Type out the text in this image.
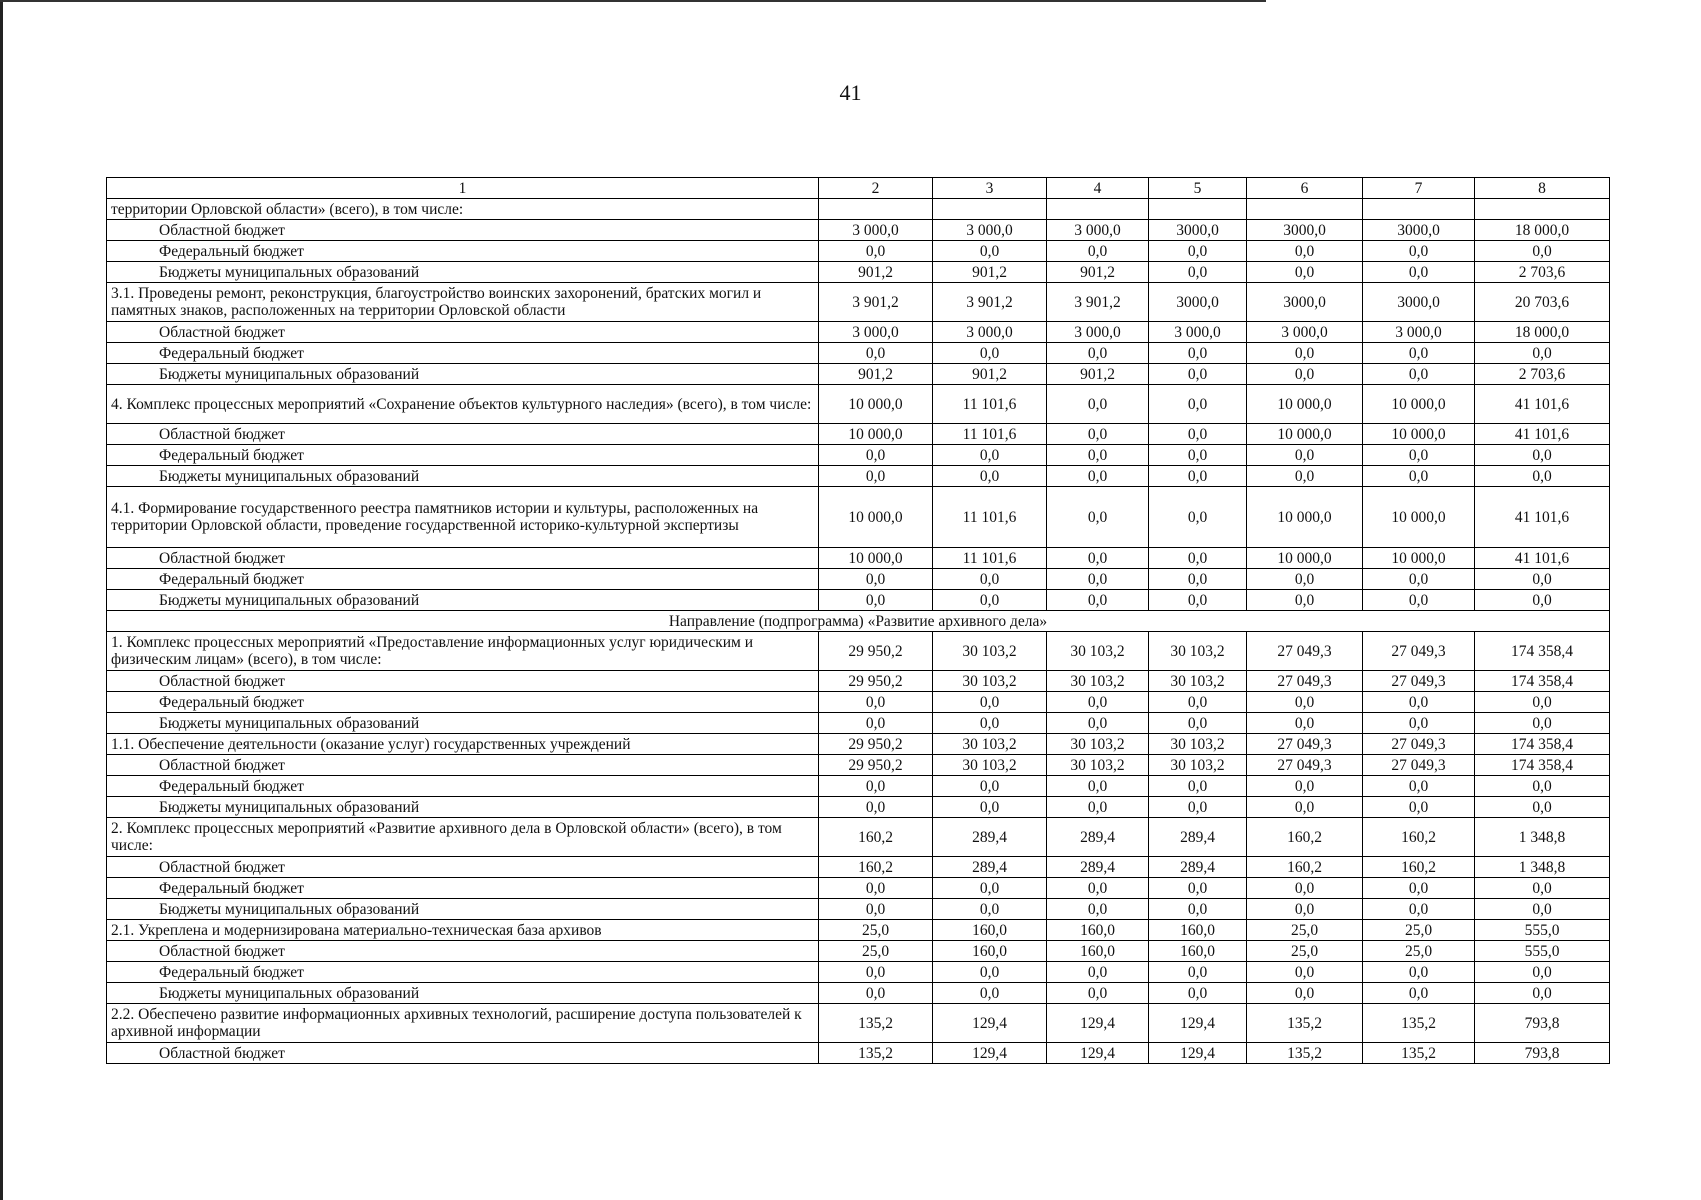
41
1	2	3	4	5	6	7	8
территории Орловской области» (всего), в том числе:							
Областной бюджет	3 000,0	3 000,0	3 000,0	3000,0	3000,0	3000,0	18 000,0
Федеральный бюджет	0,0	0,0	0,0	0,0	0,0	0,0	0,0
Бюджеты муниципальных образований	901,2	901,2	901,2	0,0	0,0	0,0	2 703,6
3.1. Проведены ремонт, реконструкция, благоустройство воинских захоронений, братских могил и памятных знаков, расположенных на территории Орловской области	3 901,2	3 901,2	3 901,2	3000,0	3000,0	3000,0	20 703,6
Областной бюджет	3 000,0	3 000,0	3 000,0	3 000,0	3 000,0	3 000,0	18 000,0
Федеральный бюджет	0,0	0,0	0,0	0,0	0,0	0,0	0,0
Бюджеты муниципальных образований	901,2	901,2	901,2	0,0	0,0	0,0	2 703,6
4. Комплекс процессных мероприятий «Сохранение объектов культурного наследия» (всего), в том числе:	10 000,0	11 101,6	0,0	0,0	10 000,0	10 000,0	41 101,6
Областной бюджет	10 000,0	11 101,6	0,0	0,0	10 000,0	10 000,0	41 101,6
Федеральный бюджет	0,0	0,0	0,0	0,0	0,0	0,0	0,0
Бюджеты муниципальных образований	0,0	0,0	0,0	0,0	0,0	0,0	0,0
4.1. Формирование государственного реестра памятников истории и культуры, расположенных на территории Орловской области, проведение государственной историко-культурной экспертизы	10 000,0	11 101,6	0,0	0,0	10 000,0	10 000,0	41 101,6
Областной бюджет	10 000,0	11 101,6	0,0	0,0	10 000,0	10 000,0	41 101,6
Федеральный бюджет	0,0	0,0	0,0	0,0	0,0	0,0	0,0
Бюджеты муниципальных образований	0,0	0,0	0,0	0,0	0,0	0,0	0,0
Направление (подпрограмма) «Развитие архивного дела»							
1. Комплекс процессных мероприятий «Предоставление информационных услуг юридическим и физическим лицам» (всего), в том числе:	29 950,2	30 103,2	30 103,2	30 103,2	27 049,3	27 049,3	174 358,4
Областной бюджет	29 950,2	30 103,2	30 103,2	30 103,2	27 049,3	27 049,3	174 358,4
Федеральный бюджет	0,0	0,0	0,0	0,0	0,0	0,0	0,0
Бюджеты муниципальных образований	0,0	0,0	0,0	0,0	0,0	0,0	0,0
1.1. Обеспечение деятельности (оказание услуг) государственных учреждений	29 950,2	30 103,2	30 103,2	30 103,2	27 049,3	27 049,3	174 358,4
Областной бюджет	29 950,2	30 103,2	30 103,2	30 103,2	27 049,3	27 049,3	174 358,4
Федеральный бюджет	0,0	0,0	0,0	0,0	0,0	0,0	0,0
Бюджеты муниципальных образований	0,0	0,0	0,0	0,0	0,0	0,0	0,0
2. Комплекс процессных мероприятий «Развитие архивного дела в Орловской области» (всего), в том числе:	160,2	289,4	289,4	289,4	160,2	160,2	1 348,8
Областной бюджет	160,2	289,4	289,4	289,4	160,2	160,2	1 348,8
Федеральный бюджет	0,0	0,0	0,0	0,0	0,0	0,0	0,0
Бюджеты муниципальных образований	0,0	0,0	0,0	0,0	0,0	0,0	0,0
2.1. Укреплена и модернизирована материально-техническая база архивов	25,0	160,0	160,0	160,0	25,0	25,0	555,0
Областной бюджет	25,0	160,0	160,0	160,0	25,0	25,0	555,0
Федеральный бюджет	0,0	0,0	0,0	0,0	0,0	0,0	0,0
Бюджеты муниципальных образований	0,0	0,0	0,0	0,0	0,0	0,0	0,0
2.2. Обеспечено развитие информационных архивных технологий, расширение доступа пользователей к архивной информации	135,2	129,4	129,4	129,4	135,2	135,2	793,8
Областной бюджет	135,2	129,4	129,4	129,4	135,2	135,2	793,8
